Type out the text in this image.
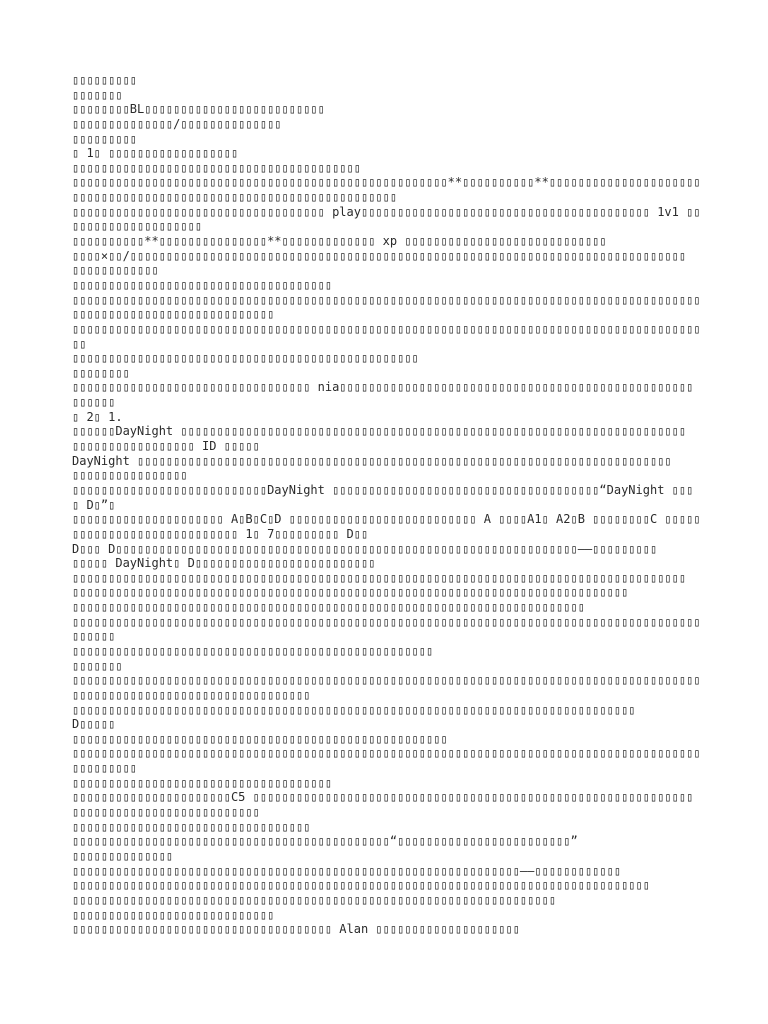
▯▯▯▯▯▯▯▯▯
▯▯▯▯▯▯▯
▯▯▯▯▯▯▯▯BL▯▯▯▯▯▯▯▯▯▯▯▯▯▯▯▯▯▯▯▯▯▯▯▯▯
▯▯▯▯▯▯▯▯▯▯▯▯▯▯/▯▯▯▯▯▯▯▯▯▯▯▯▯▯
▯▯▯▯▯▯▯▯▯
▯ 1▯ ▯▯▯▯▯▯▯▯▯▯▯▯▯▯▯▯▯▯
▯▯▯▯▯▯▯▯▯▯▯▯▯▯▯▯▯▯▯▯▯▯▯▯▯▯▯▯▯▯▯▯▯▯▯▯▯▯▯▯
▯▯▯▯▯▯▯▯▯▯▯▯▯▯▯▯▯▯▯▯▯▯▯▯▯▯▯▯▯▯▯▯▯▯▯▯▯▯▯▯▯▯▯▯▯▯▯▯▯▯▯▯**▯▯▯▯▯▯▯▯▯▯**▯▯▯▯▯▯▯▯▯▯▯▯▯▯▯▯▯▯▯▯▯
▯▯▯▯▯▯▯▯▯▯▯▯▯▯▯▯▯▯▯▯▯▯▯▯▯▯▯▯▯▯▯▯▯▯▯▯▯▯▯▯▯▯▯▯▯
▯▯▯▯▯▯▯▯▯▯▯▯▯▯▯▯▯▯▯▯▯▯▯▯▯▯▯▯▯▯▯▯▯▯▯ play▯▯▯▯▯▯▯▯▯▯▯▯▯▯▯▯▯▯▯▯▯▯▯▯▯▯▯▯▯▯▯▯▯▯▯▯▯▯▯▯ 1v1 ▯▯
▯▯▯▯▯▯▯▯▯▯▯▯▯▯▯▯▯▯
▯▯▯▯▯▯▯▯▯▯**▯▯▯▯▯▯▯▯▯▯▯▯▯▯▯**▯▯▯▯▯▯▯▯▯▯▯▯▯ xp ▯▯▯▯▯▯▯▯▯▯▯▯▯▯▯▯▯▯▯▯▯▯▯▯▯▯▯▯
▯▯▯▯×▯▯/▯▯▯▯▯▯▯▯▯▯▯▯▯▯▯▯▯▯▯▯▯▯▯▯▯▯▯▯▯▯▯▯▯▯▯▯▯▯▯▯▯▯▯▯▯▯▯▯▯▯▯▯▯▯▯▯▯▯▯▯▯▯▯▯▯▯▯▯▯▯▯▯▯▯▯▯▯
▯▯▯▯▯▯▯▯▯▯▯▯
▯▯▯▯▯▯▯▯▯▯▯▯▯▯▯▯▯▯▯▯▯▯▯▯▯▯▯▯▯▯▯▯▯▯▯▯
▯▯▯▯▯▯▯▯▯▯▯▯▯▯▯▯▯▯▯▯▯▯▯▯▯▯▯▯▯▯▯▯▯▯▯▯▯▯▯▯▯▯▯▯▯▯▯▯▯▯▯▯▯▯▯▯▯▯▯▯▯▯▯▯▯▯▯▯▯▯▯▯▯▯▯▯▯▯▯▯▯▯▯▯▯▯▯
▯▯▯▯▯▯▯▯▯▯▯▯▯▯▯▯▯▯▯▯▯▯▯▯▯▯▯▯
▯▯▯▯▯▯▯▯▯▯▯▯▯▯▯▯▯▯▯▯▯▯▯▯▯▯▯▯▯▯▯▯▯▯▯▯▯▯▯▯▯▯▯▯▯▯▯▯▯▯▯▯▯▯▯▯▯▯▯▯▯▯▯▯▯▯▯▯▯▯▯▯▯▯▯▯▯▯▯▯▯▯▯▯▯▯▯
▯▯
▯▯▯▯▯▯▯▯▯▯▯▯▯▯▯▯▯▯▯▯▯▯▯▯▯▯▯▯▯▯▯▯▯▯▯▯▯▯▯▯▯▯▯▯▯▯▯▯
▯▯▯▯▯▯▯▯
▯▯▯▯▯▯▯▯▯▯▯▯▯▯▯▯▯▯▯▯▯▯▯▯▯▯▯▯▯▯▯▯▯ nia▯▯▯▯▯▯▯▯▯▯▯▯▯▯▯▯▯▯▯▯▯▯▯▯▯▯▯▯▯▯▯▯▯▯▯▯▯▯▯▯▯▯▯▯▯▯▯▯▯
▯▯▯▯▯▯
▯ 2▯ 1.
▯▯▯▯▯▯DayNight ▯▯▯▯▯▯▯▯▯▯▯▯▯▯▯▯▯▯▯▯▯▯▯▯▯▯▯▯▯▯▯▯▯▯▯▯▯▯▯▯▯▯▯▯▯▯▯▯▯▯▯▯▯▯▯▯▯▯▯▯▯▯▯▯▯▯▯▯▯▯
▯▯▯▯▯▯▯▯▯▯▯▯▯▯▯▯▯ ID ▯▯▯▯▯
DayNight ▯▯▯▯▯▯▯▯▯▯▯▯▯▯▯▯▯▯▯▯▯▯▯▯▯▯▯▯▯▯▯▯▯▯▯▯▯▯▯▯▯▯▯▯▯▯▯▯▯▯▯▯▯▯▯▯▯▯▯▯▯▯▯▯▯▯▯▯▯▯▯▯▯▯
▯▯▯▯▯▯▯▯▯▯▯▯▯▯▯▯
▯▯▯▯▯▯▯▯▯▯▯▯▯▯▯▯▯▯▯▯▯▯▯▯▯▯▯DayNight ▯▯▯▯▯▯▯▯▯▯▯▯▯▯▯▯▯▯▯▯▯▯▯▯▯▯▯▯▯▯▯▯▯▯▯▯▯“DayNight ▯▯▯
▯ D▯”▯
▯▯▯▯▯▯▯▯▯▯▯▯▯▯▯▯▯▯▯▯▯ A▯B▯C▯D ▯▯▯▯▯▯▯▯▯▯▯▯▯▯▯▯▯▯▯▯▯▯▯▯▯▯ A ▯▯▯▯A1▯ A2▯B ▯▯▯▯▯▯▯▯C ▯▯▯▯▯
▯▯▯▯▯▯▯▯▯▯▯▯▯▯▯▯▯▯▯▯▯▯▯ 1▯ 7▯▯▯▯▯▯▯▯▯ D▯▯
D▯▯▯ D▯▯▯▯▯▯▯▯▯▯▯▯▯▯▯▯▯▯▯▯▯▯▯▯▯▯▯▯▯▯▯▯▯▯▯▯▯▯▯▯▯▯▯▯▯▯▯▯▯▯▯▯▯▯▯▯▯▯▯▯▯▯▯▯——▯▯▯▯▯▯▯▯▯
▯▯▯▯▯ DayNight▯ D▯▯▯▯▯▯▯▯▯▯▯▯▯▯▯▯▯▯▯▯▯▯▯▯▯
▯▯▯▯▯▯▯▯▯▯▯▯▯▯▯▯▯▯▯▯▯▯▯▯▯▯▯▯▯▯▯▯▯▯▯▯▯▯▯▯▯▯▯▯▯▯▯▯▯▯▯▯▯▯▯▯▯▯▯▯▯▯▯▯▯▯▯▯▯▯▯▯▯▯▯▯▯▯▯▯▯▯▯▯▯
▯▯▯▯▯▯▯▯▯▯▯▯▯▯▯▯▯▯▯▯▯▯▯▯▯▯▯▯▯▯▯▯▯▯▯▯▯▯▯▯▯▯▯▯▯▯▯▯▯▯▯▯▯▯▯▯▯▯▯▯▯▯▯▯▯▯▯▯▯▯▯▯▯▯▯▯▯
▯▯▯▯▯▯▯▯▯▯▯▯▯▯▯▯▯▯▯▯▯▯▯▯▯▯▯▯▯▯▯▯▯▯▯▯▯▯▯▯▯▯▯▯▯▯▯▯▯▯▯▯▯▯▯▯▯▯▯▯▯▯▯▯▯▯▯▯▯▯▯
▯▯▯▯▯▯▯▯▯▯▯▯▯▯▯▯▯▯▯▯▯▯▯▯▯▯▯▯▯▯▯▯▯▯▯▯▯▯▯▯▯▯▯▯▯▯▯▯▯▯▯▯▯▯▯▯▯▯▯▯▯▯▯▯▯▯▯▯▯▯▯▯▯▯▯▯▯▯▯▯▯▯▯▯▯▯▯
▯▯▯▯▯▯
▯▯▯▯▯▯▯▯▯▯▯▯▯▯▯▯▯▯▯▯▯▯▯▯▯▯▯▯▯▯▯▯▯▯▯▯▯▯▯▯▯▯▯▯▯▯▯▯▯▯
▯▯▯▯▯▯▯
▯▯▯▯▯▯▯▯▯▯▯▯▯▯▯▯▯▯▯▯▯▯▯▯▯▯▯▯▯▯▯▯▯▯▯▯▯▯▯▯▯▯▯▯▯▯▯▯▯▯▯▯▯▯▯▯▯▯▯▯▯▯▯▯▯▯▯▯▯▯▯▯▯▯▯▯▯▯▯▯▯▯▯▯▯▯▯
▯▯▯▯▯▯▯▯▯▯▯▯▯▯▯▯▯▯▯▯▯▯▯▯▯▯▯▯▯▯▯▯▯
▯▯▯▯▯▯▯▯▯▯▯▯▯▯▯▯▯▯▯▯▯▯▯▯▯▯▯▯▯▯▯▯▯▯▯▯▯▯▯▯▯▯▯▯▯▯▯▯▯▯▯▯▯▯▯▯▯▯▯▯▯▯▯▯▯▯▯▯▯▯▯▯▯▯▯▯▯▯
D▯▯▯▯▯
▯▯▯▯▯▯▯▯▯▯▯▯▯▯▯▯▯▯▯▯▯▯▯▯▯▯▯▯▯▯▯▯▯▯▯▯▯▯▯▯▯▯▯▯▯▯▯▯▯▯▯▯
▯▯▯▯▯▯▯▯▯▯▯▯▯▯▯▯▯▯▯▯▯▯▯▯▯▯▯▯▯▯▯▯▯▯▯▯▯▯▯▯▯▯▯▯▯▯▯▯▯▯▯▯▯▯▯▯▯▯▯▯▯▯▯▯▯▯▯▯▯▯▯▯▯▯▯▯▯▯▯▯▯▯▯▯▯▯▯
▯▯▯▯▯▯▯▯▯
▯▯▯▯▯▯▯▯▯▯▯▯▯▯▯▯▯▯▯▯▯▯▯▯▯▯▯▯▯▯▯▯▯▯▯▯
▯▯▯▯▯▯▯▯▯▯▯▯▯▯▯▯▯▯▯▯▯▯C5 ▯▯▯▯▯▯▯▯▯▯▯▯▯▯▯▯▯▯▯▯▯▯▯▯▯▯▯▯▯▯▯▯▯▯▯▯▯▯▯▯▯▯▯▯▯▯▯▯▯▯▯▯▯▯▯▯▯▯▯▯▯
▯▯▯▯▯▯▯▯▯▯▯▯▯▯▯▯▯▯▯▯▯▯▯▯▯▯
▯▯▯▯▯▯▯▯▯▯▯▯▯▯▯▯▯▯▯▯▯▯▯▯▯▯▯▯▯▯▯▯▯
▯▯▯▯▯▯▯▯▯▯▯▯▯▯▯▯▯▯▯▯▯▯▯▯▯▯▯▯▯▯▯▯▯▯▯▯▯▯▯▯▯▯▯▯“▯▯▯▯▯▯▯▯▯▯▯▯▯▯▯▯▯▯▯▯▯▯▯▯”
▯▯▯▯▯▯▯▯▯▯▯▯▯▯
▯▯▯▯▯▯▯▯▯▯▯▯▯▯▯▯▯▯▯▯▯▯▯▯▯▯▯▯▯▯▯▯▯▯▯▯▯▯▯▯▯▯▯▯▯▯▯▯▯▯▯▯▯▯▯▯▯▯▯▯▯▯——▯▯▯▯▯▯▯▯▯▯▯▯
▯▯▯▯▯▯▯▯▯▯▯▯▯▯▯▯▯▯▯▯▯▯▯▯▯▯▯▯▯▯▯▯▯▯▯▯▯▯▯▯▯▯▯▯▯▯▯▯▯▯▯▯▯▯▯▯▯▯▯▯▯▯▯▯▯▯▯▯▯▯▯▯▯▯▯▯▯▯▯▯
▯▯▯▯▯▯▯▯▯▯▯▯▯▯▯▯▯▯▯▯▯▯▯▯▯▯▯▯▯▯▯▯▯▯▯▯▯▯▯▯▯▯▯▯▯▯▯▯▯▯▯▯▯▯▯▯▯▯▯▯▯▯▯▯▯▯▯
▯▯▯▯▯▯▯▯▯▯▯▯▯▯▯▯▯▯▯▯▯▯▯▯▯▯▯▯
▯▯▯▯▯▯▯▯▯▯▯▯▯▯▯▯▯▯▯▯▯▯▯▯▯▯▯▯▯▯▯▯▯▯▯▯ Alan ▯▯▯▯▯▯▯▯▯▯▯▯▯▯▯▯▯▯▯▯
